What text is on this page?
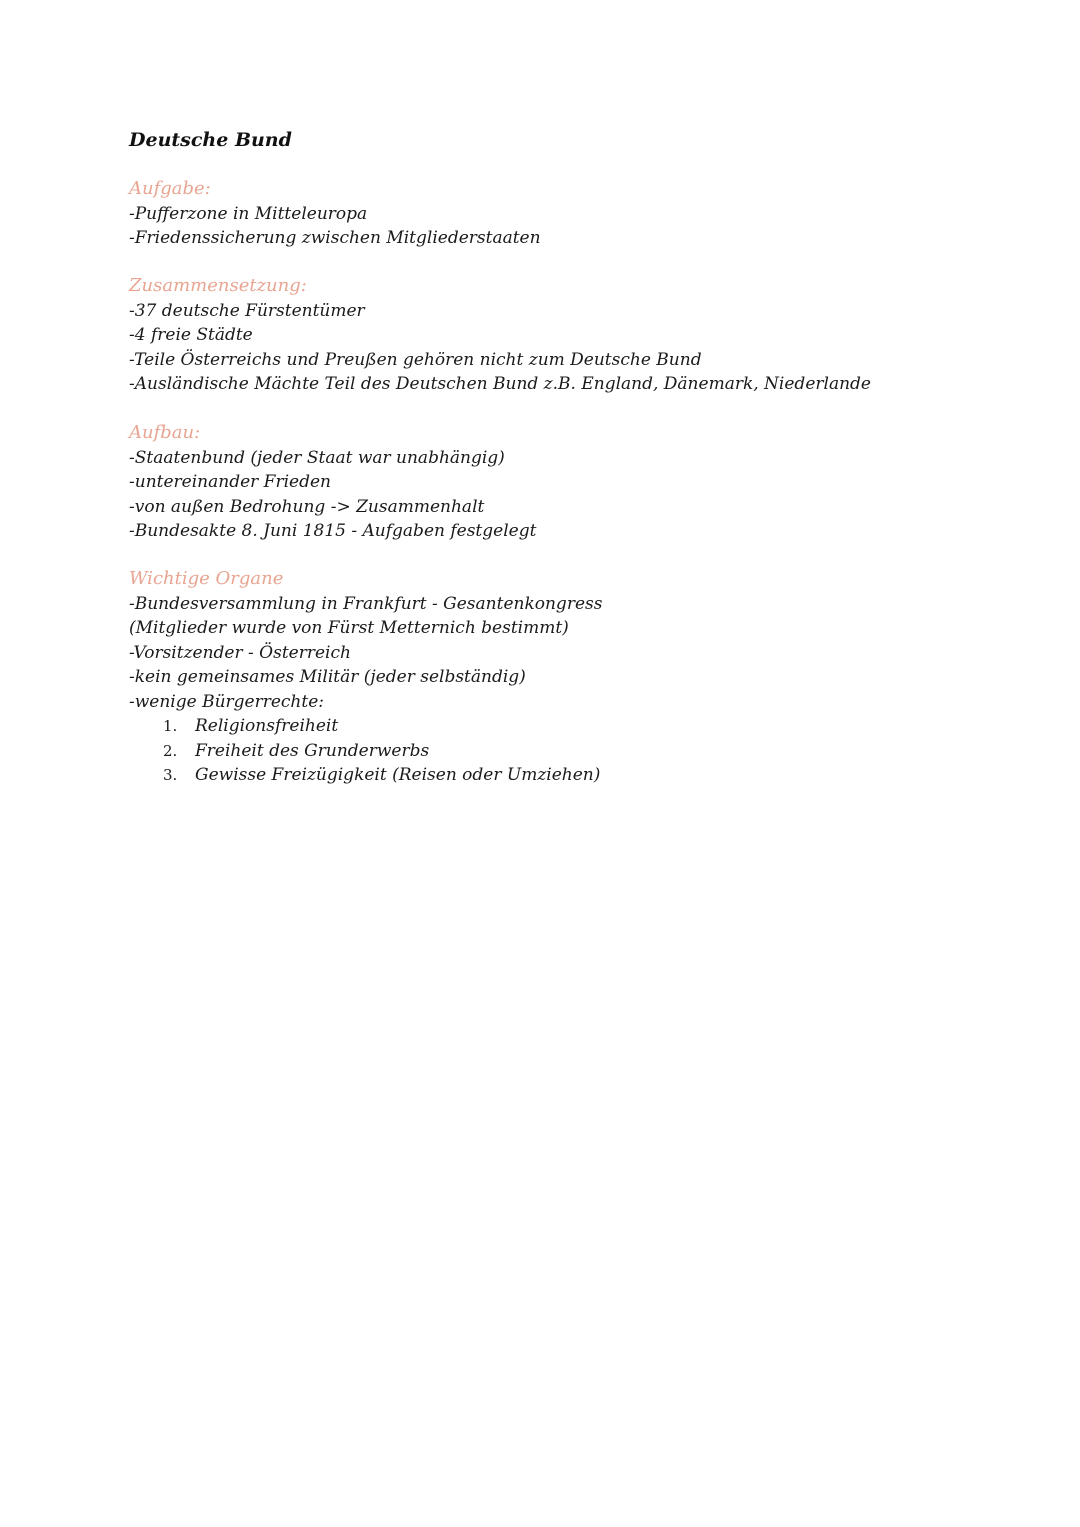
Deutsche Bund
Aufgabe:
-Pufferzone in Mitteleuropa
-Friedenssicherung zwischen Mitgliederstaaten
Zusammensetzung:
-37 deutsche Fürstentümer
-4 freie Städte
-Teile Österreichs und Preußen gehören nicht zum Deutsche Bund
-Ausländische Mächte Teil des Deutschen Bund z.B. England, Dänemark, Niederlande
Aufbau:
-Staatenbund (jeder Staat war unabhängig)
-untereinander Frieden
-von außen Bedrohung -> Zusammenhalt
-Bundesakte 8. Juni 1815 - Aufgaben festgelegt
Wichtige Organe
-Bundesversammlung in Frankfurt - Gesantenkongress
(Mitglieder wurde von Fürst Metternich bestimmt)
-Vorsitzender - Österreich
-kein gemeinsames Militär (jeder selbständig)
-wenige Bürgerrechte:
1. Religionsfreiheit
2. Freiheit des Grunderwerbs
3. Gewisse Freizügigkeit (Reisen oder Umziehen)
